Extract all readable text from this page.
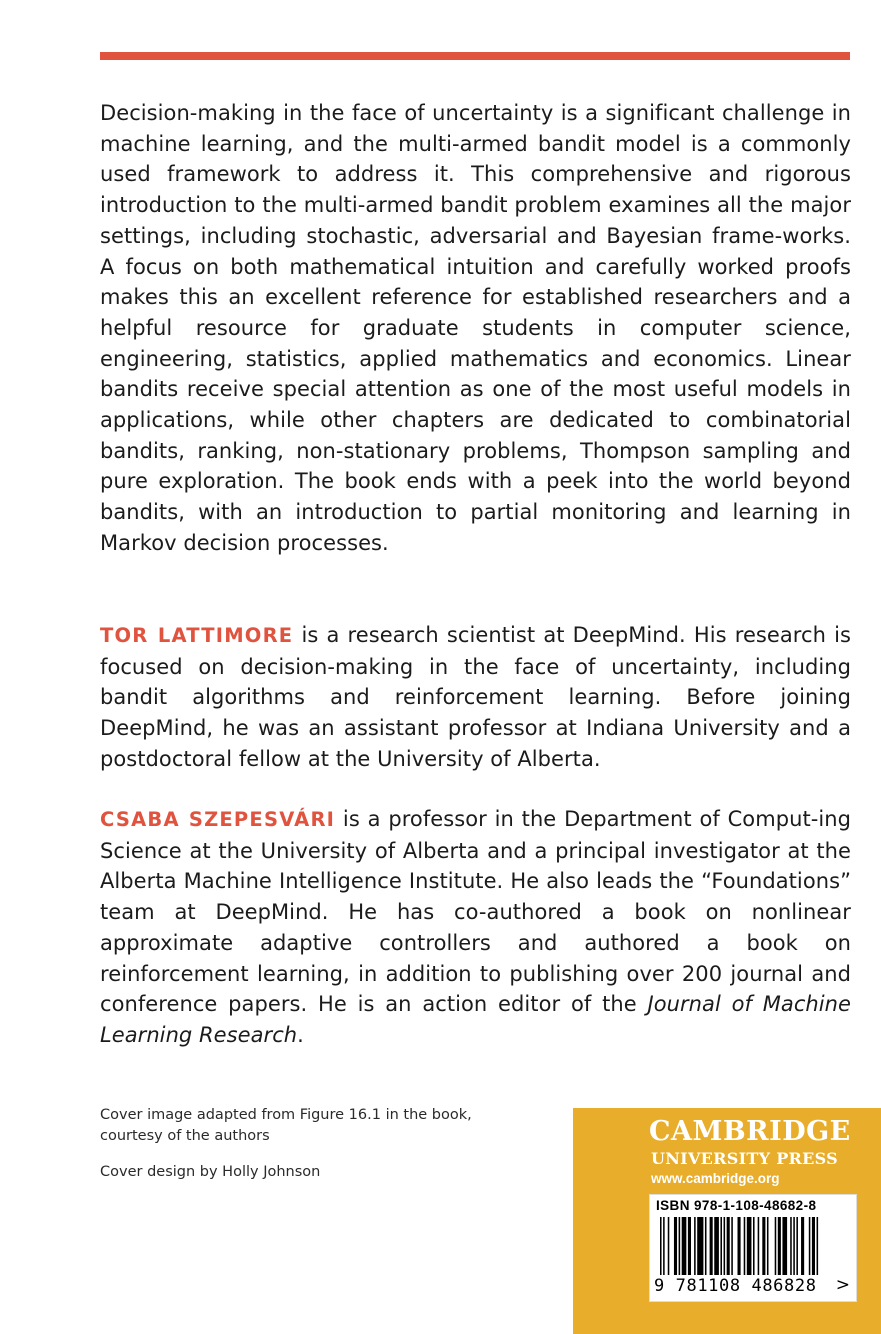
Decision-making in the face of uncertainty is a significant challenge in machine learning, and the multi-armed bandit model is a commonly used framework to address it. This comprehensive and rigorous introduction to the multi-armed bandit problem examines all the major settings, including stochastic, adversarial and Bayesian frame-works. A focus on both mathematical intuition and carefully worked proofs makes this an excellent reference for established researchers and a helpful resource for graduate students in computer science, engineering, statistics, applied mathematics and economics. Linear bandits receive special attention as one of the most useful models in applications, while other chapters are dedicated to combinatorial bandits, ranking, non-stationary problems, Thompson sampling and pure exploration. The book ends with a peek into the world beyond bandits, with an introduction to partial monitoring and learning in Markov decision processes.

TOR LATTIMORE is a research scientist at DeepMind. His research is focused on decision-making in the face of uncertainty, including bandit algorithms and reinforcement learning. Before joining DeepMind, he was an assistant professor at Indiana University and a postdoctoral fellow at the University of Alberta.

CSABA SZEPESVÁRI is a professor in the Department of Comput-ing Science at the University of Alberta and a principal investigator at the Alberta Machine Intelligence Institute. He also leads the “Foundations” team at DeepMind. He has co-authored a book on nonlinear approximate adaptive controllers and authored a book on reinforcement learning, in addition to publishing over 200 journal and conference papers. He is an action editor of the Journal of Machine Learning Research.

Cover image adapted from Figure 16.1 in the book,
courtesy of the authors

Cover design by Holly Johnson

CAMBRIDGE
UNIVERSITY PRESS
www.cambridge.org
ISBN 978-1-108-48682-8
9 781108 486828	>
